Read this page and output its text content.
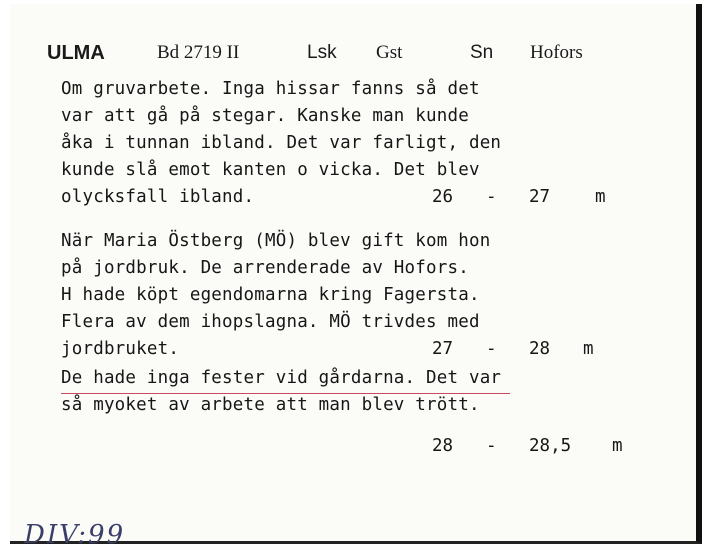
ULMA	Bd 2719 II	Lsk Gst	Sn Hofors
Om gruvarbete. Inga hissar fanns så det
var att gå på stegar. Kanske man kunde
åka i tunnan ibland. Det var farligt, den
kunde slå emot kanten o vicka. Det blev
olycksfall ibland.	26 - 27	m
När Maria Östberg (MÖ) blev gift kom hon
på jordbruk. De arrenderade av Hofors.
H hade köpt egendomarna kring Fagersta.
Flera av dem ihopslagna. MÖ trivdes med
jordbruket.	27 - 28 m
De hade inga fester vid gårdarna. Det var
så myoket av arbete att man blev trött.
28 - 28,5 m
DIV:99
